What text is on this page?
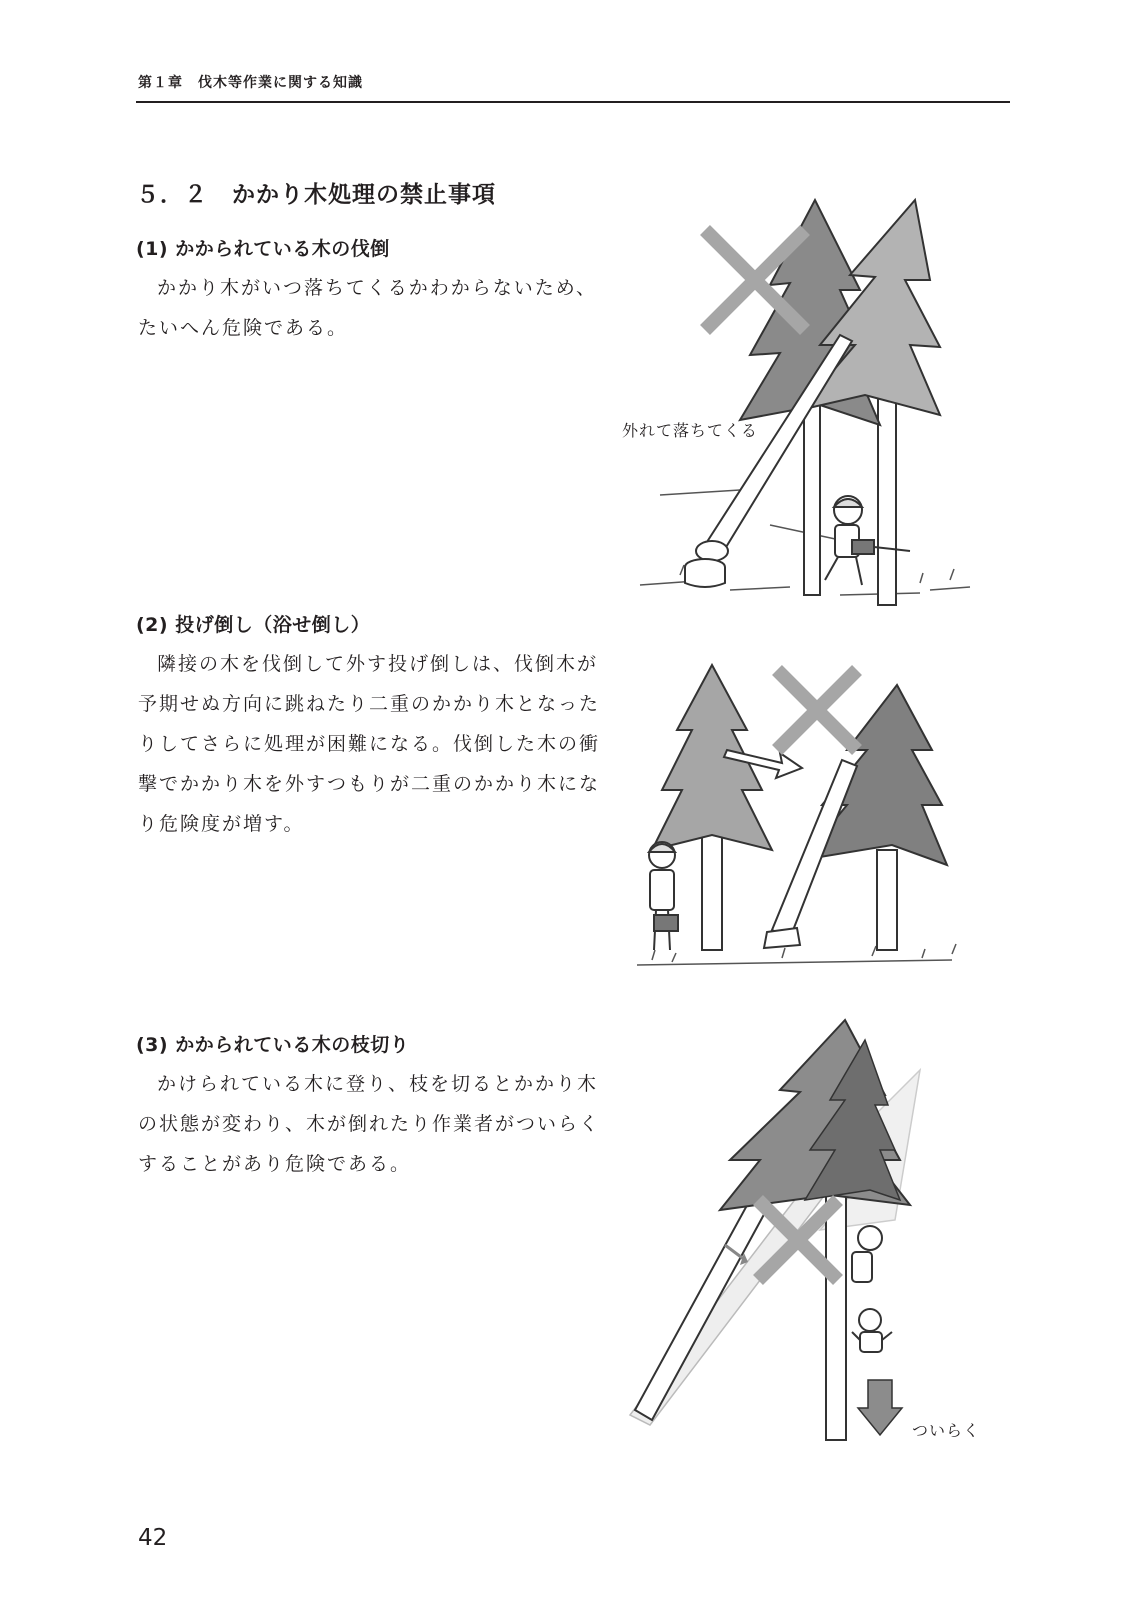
第１章　伐木等作業に関する知識
５．２　かかり木処理の禁止事項
(1) かかられている木の伐倒

かかり木がいつ落ちてくるかわからないため、たいへん危険である。

外れて落ちてくる
(2) 投げ倒し（浴せ倒し）

隣接の木を伐倒して外す投げ倒しは、伐倒木が予期せぬ方向に跳ねたり二重のかかり木となったりしてさらに処理が困難になる。伐倒した木の衝撃でかかり木を外すつもりが二重のかかり木になり危険度が増す。

(3) かかられている木の枝切り

かけられている木に登り、枝を切るとかかり木の状態が変わり、木が倒れたり作業者がついらくすることがあり危険である。

ついらく
42
